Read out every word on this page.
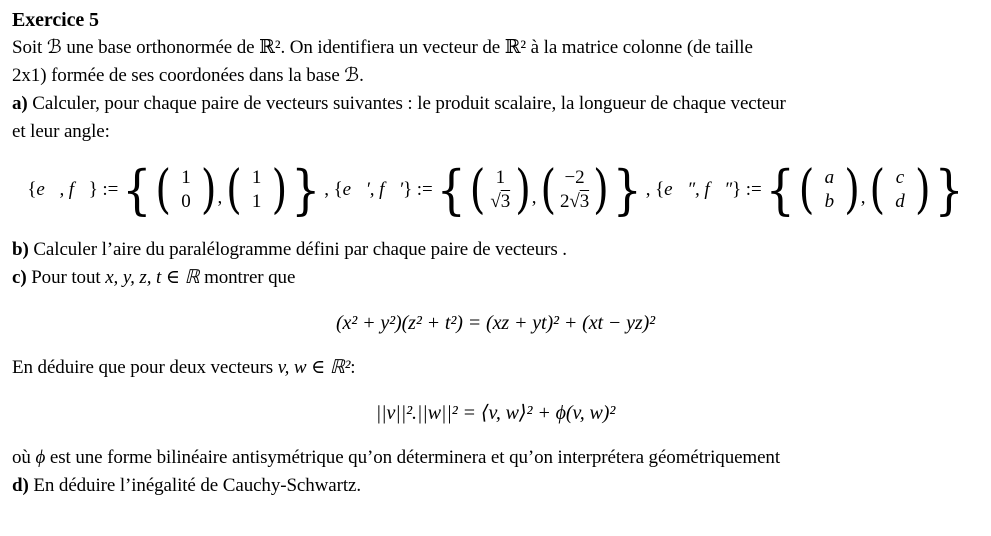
Exercice 5

Soit ℬ une base orthonormée de ℝ². On identifiera un vecteur de ℝ² à la matrice colonne (de taille
2x1) formée de ses coordonées dans la base ℬ.

a) Calculer, pour chaque paire de vecteurs suivantes : le produit scalaire, la longueur de chaque vecteur
et leur angle:

{e⃗, f⃗} := { ( 1
0 ) , ( 1
1 ) } , {e⃗′, f⃗′} := { ( 1
√3 ) , ( −2
2√3 ) } , {e⃗″, f⃗″} := { ( a
b ) , ( c
d ) }

b) Calculer l’aire du paralélogramme défini par chaque paire de vecteurs .

c) Pour tout x, y, z, t ∈ ℝ montrer que

(x² + y²)(z² + t²) = (xz + yt)² + (xt − yz)²

En déduire que pour deux vecteurs v, w ∈ ℝ²:

||v||².||w||² = ⟨v, w⟩² + ϕ(v, w)²

où ϕ est une forme bilinéaire antisymétrique qu’on déterminera et qu’on interprétera géométriquement

d) En déduire l’inégalité de Cauchy-Schwartz.
